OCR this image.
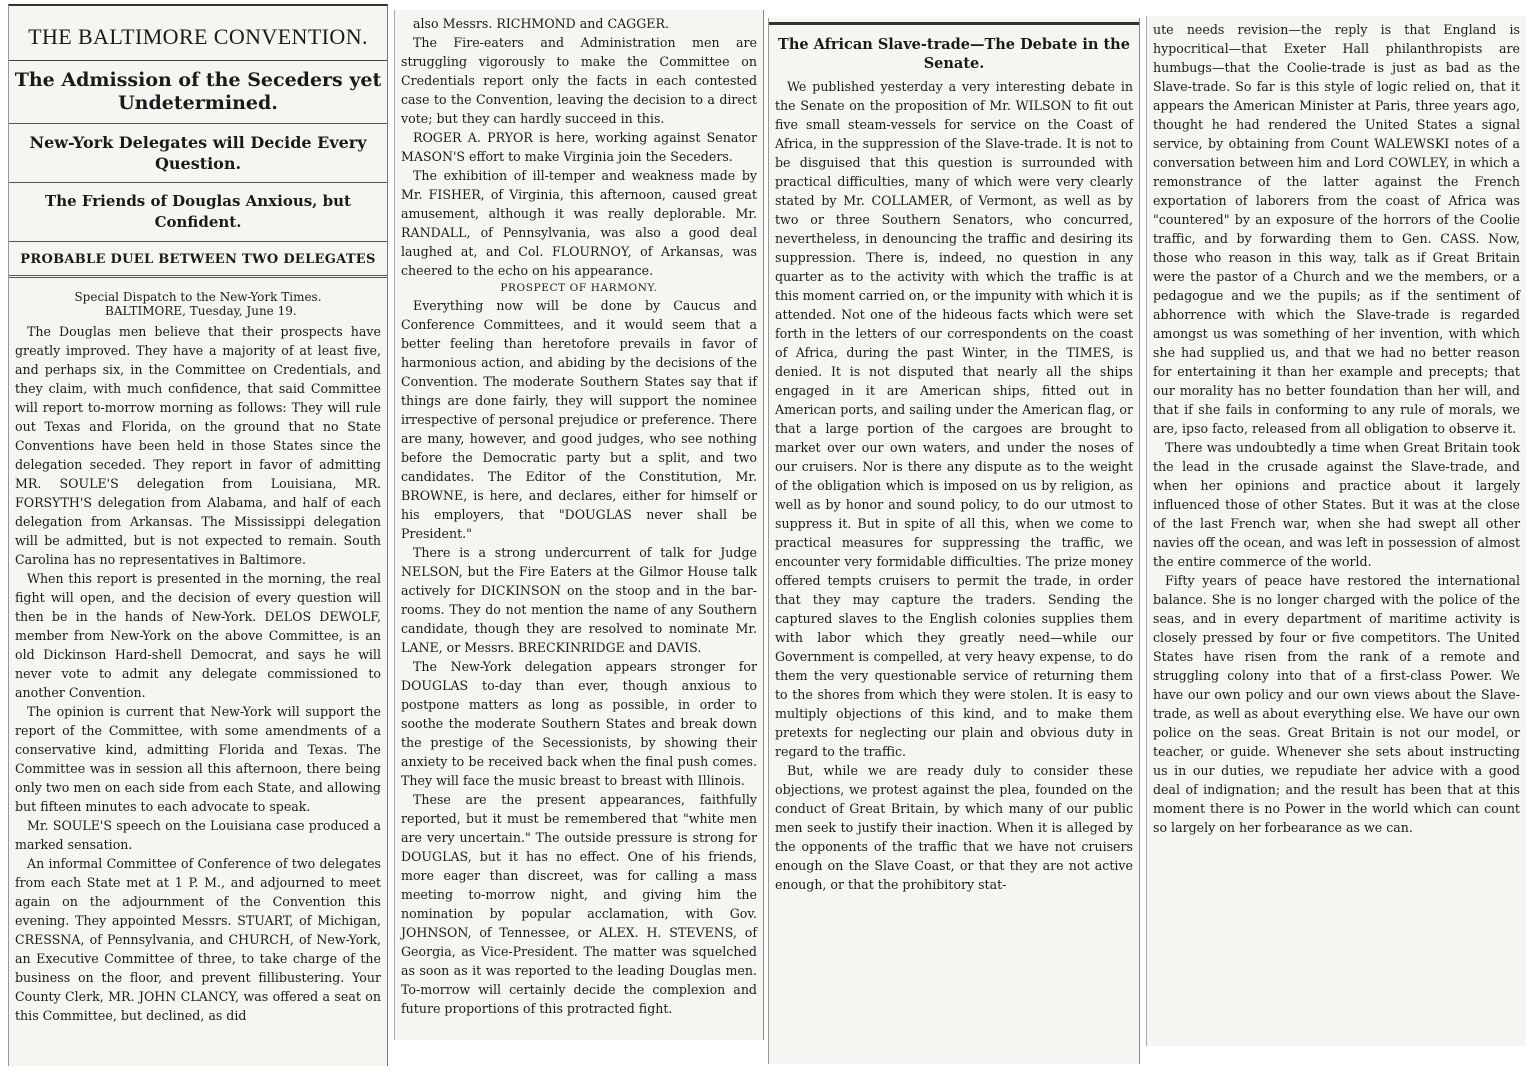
THE BALTIMORE CONVENTION.
The Admission of the Seceders yet Undetermined.
New-York Delegates will Decide Every Question.
The Friends of Douglas Anxious, but Confident.
PROBABLE DUEL BETWEEN TWO DELEGATES
Special Dispatch to the New-York Times.
BALTIMORE, Tuesday, June 19.

The Douglas men believe that their prospects have greatly improved. They have a majority of at least five, and perhaps six, in the Committee on Credentials, and they claim, with much confidence, that said Committee will report to-morrow morning as follows: They will rule out Texas and Florida, on the ground that no State Conventions have been held in those States since the delegation seceded. They report in favor of admitting MR. SOULE'S delegation from Louisiana, MR. FORSYTH'S delegation from Alabama, and half of each delegation from Arkansas. The Mississippi delegation will be admitted, but is not expected to remain. South Carolina has no representatives in Baltimore.

When this report is presented in the morning, the real fight will open, and the decision of every question will then be in the hands of New-York. DELOS DEWOLF, member from New-York on the above Committee, is an old Dickinson Hard-shell Democrat, and says he will never vote to admit any delegate commissioned to another Convention.

The opinion is current that New-York will support the report of the Committee, with some amendments of a conservative kind, admitting Florida and Texas. The Committee was in session all this afternoon, there being only two men on each side from each State, and allowing but fifteen minutes to each advocate to speak.

Mr. SOULE'S speech on the Louisiana case produced a marked sensation.

An informal Committee of Conference of two delegates from each State met at 1 P. M., and adjourned to meet again on the adjournment of the Convention this evening. They appointed Messrs. STUART, of Michigan, CRESSNA, of Pennsylvania, and CHURCH, of New-York, an Executive Committee of three, to take charge of the business on the floor, and prevent fillibustering. Your County Clerk, MR. JOHN CLANCY, was offered a seat on this Committee, but declined, as did

also Messrs. RICHMOND and CAGGER.

The Fire-eaters and Administration men are struggling vigorously to make the Committee on Credentials report only the facts in each contested case to the Convention, leaving the decision to a direct vote; but they can hardly succeed in this.

ROGER A. PRYOR is here, working against Senator MASON'S effort to make Virginia join the Seceders.

The exhibition of ill-temper and weakness made by Mr. FISHER, of Virginia, this afternoon, caused great amusement, although it was really deplorable. Mr. RANDALL, of Pennsylvania, was also a good deal laughed at, and Col. FLOURNOY, of Arkansas, was cheered to the echo on his appearance.

PROSPECT OF HARMONY.

Everything now will be done by Caucus and Conference Committees, and it would seem that a better feeling than heretofore prevails in favor of harmonious action, and abiding by the decisions of the Convention. The moderate Southern States say that if things are done fairly, they will support the nominee irrespective of personal prejudice or preference. There are many, however, and good judges, who see nothing before the Democratic party but a split, and two candidates. The Editor of the Constitution, Mr. BROWNE, is here, and declares, either for himself or his employers, that "DOUGLAS never shall be President."

There is a strong undercurrent of talk for Judge NELSON, but the Fire Eaters at the Gilmor House talk actively for DICKINSON on the stoop and in the bar-rooms. They do not mention the name of any Southern candidate, though they are resolved to nominate Mr. LANE, or Messrs. BRECKINRIDGE and DAVIS.

The New-York delegation appears stronger for DOUGLAS to-day than ever, though anxious to postpone matters as long as possible, in order to soothe the moderate Southern States and break down the prestige of the Secessionists, by showing their anxiety to be received back when the final push comes. They will face the music breast to breast with Illinois.

These are the present appearances, faithfully reported, but it must be remembered that "white men are very uncertain." The outside pressure is strong for DOUGLAS, but it has no effect. One of his friends, more eager than discreet, was for calling a mass meeting to-morrow night, and giving him the nomination by popular acclamation, with Gov. JOHNSON, of Tennessee, or ALEX. H. STEVENS, of Georgia, as Vice-President. The matter was squelched as soon as it was reported to the leading Douglas men. To-morrow will certainly decide the complexion and future proportions of this protracted fight.

The African Slave-trade—The Debate in the Senate.

We published yesterday a very interesting debate in the Senate on the proposition of Mr. WILSON to fit out five small steam-vessels for service on the Coast of Africa, in the suppression of the Slave-trade. It is not to be disguised that this question is surrounded with practical difficulties, many of which were very clearly stated by Mr. COLLAMER, of Vermont, as well as by two or three Southern Senators, who concurred, nevertheless, in denouncing the traffic and desiring its suppression. There is, indeed, no question in any quarter as to the activity with which the traffic is at this moment carried on, or the impunity with which it is attended. Not one of the hideous facts which were set forth in the letters of our correspondents on the coast of Africa, during the past Winter, in the TIMES, is denied. It is not disputed that nearly all the ships engaged in it are American ships, fitted out in American ports, and sailing under the American flag, or that a large portion of the cargoes are brought to market over our own waters, and under the noses of our cruisers. Nor is there any dispute as to the weight of the obligation which is imposed on us by religion, as well as by honor and sound policy, to do our utmost to suppress it. But in spite of all this, when we come to practical measures for suppressing the traffic, we encounter very formidable difficulties. The prize money offered tempts cruisers to permit the trade, in order that they may capture the traders. Sending the captured slaves to the English colonies supplies them with labor which they greatly need—while our Government is compelled, at very heavy expense, to do them the very questionable service of returning them to the shores from which they were stolen. It is easy to multiply objections of this kind, and to make them pretexts for neglecting our plain and obvious duty in regard to the traffic.

But, while we are ready duly to consider these objections, we protest against the plea, founded on the conduct of Great Britain, by which many of our public men seek to justify their inaction. When it is alleged by the opponents of the traffic that we have not cruisers enough on the Slave Coast, or that they are not active enough, or that the prohibitory stat-

ute needs revision—the reply is that England is hypocritical—that Exeter Hall philanthropists are humbugs—that the Coolie-trade is just as bad as the Slave-trade. So far is this style of logic relied on, that it appears the American Minister at Paris, three years ago, thought he had rendered the United States a signal service, by obtaining from Count WALEWSKI notes of a conversation between him and Lord COWLEY, in which a remonstrance of the latter against the French exportation of laborers from the coast of Africa was "countered" by an exposure of the horrors of the Coolie traffic, and by forwarding them to Gen. CASS. Now, those who reason in this way, talk as if Great Britain were the pastor of a Church and we the members, or a pedagogue and we the pupils; as if the sentiment of abhorrence with which the Slave-trade is regarded amongst us was something of her invention, with which she had supplied us, and that we had no better reason for entertaining it than her example and precepts; that our morality has no better foundation than her will, and that if she fails in conforming to any rule of morals, we are, ipso facto, released from all obligation to observe it.

There was undoubtedly a time when Great Britain took the lead in the crusade against the Slave-trade, and when her opinions and practice about it largely influenced those of other States. But it was at the close of the last French war, when she had swept all other navies off the ocean, and was left in possession of almost the entire commerce of the world.

Fifty years of peace have restored the international balance. She is no longer charged with the police of the seas, and in every department of maritime activity is closely pressed by four or five competitors. The United States have risen from the rank of a remote and struggling colony into that of a first-class Power. We have our own policy and our own views about the Slave-trade, as well as about everything else. We have our own police on the seas. Great Britain is not our model, or teacher, or guide. Whenever she sets about instructing us in our duties, we repudiate her advice with a good deal of indignation; and the result has been that at this moment there is no Power in the world which can count so largely on her forbearance as we can.
